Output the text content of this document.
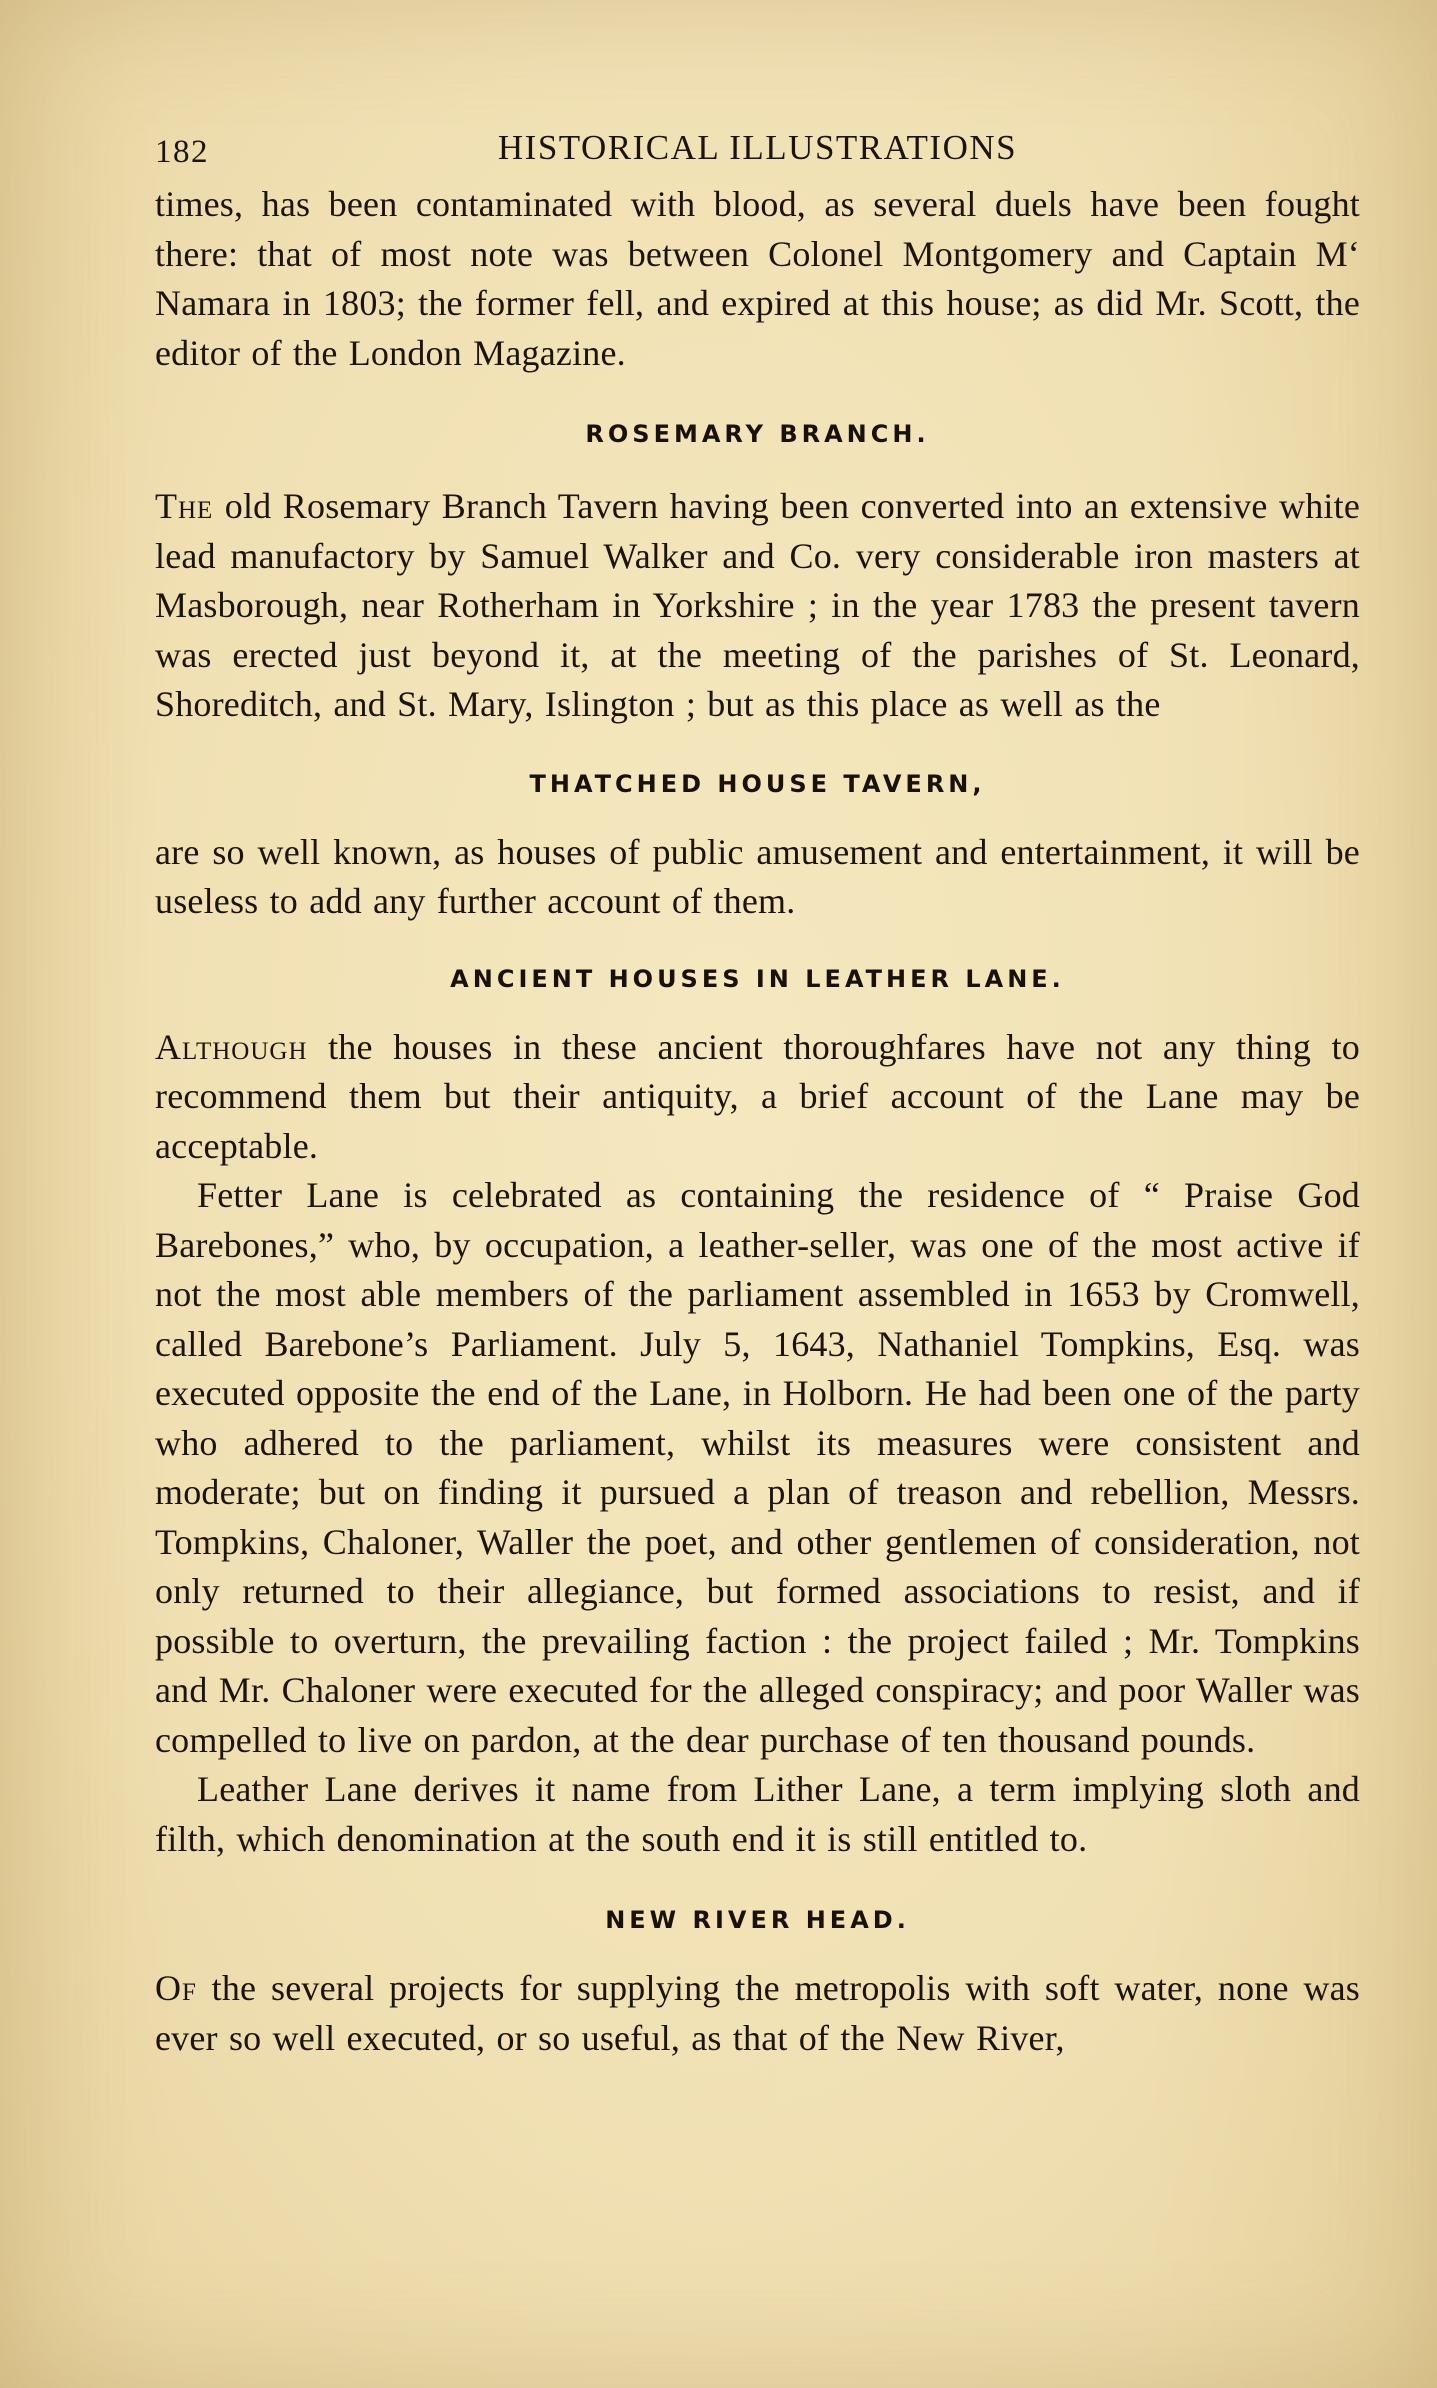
182	HISTORICAL ILLUSTRATIONS

times, has been contaminated with blood, as several duels have been fought there: that of most note was between Colonel Montgomery and Captain M‘ Namara in 1803; the former fell, and expired at this house; as did Mr. Scott, the editor of the London Magazine.

ROSEMARY BRANCH.

The old Rosemary Branch Tavern having been converted into an extensive white lead manufactory by Samuel Walker and Co. very considerable iron masters at Masborough, near Rotherham in Yorkshire ; in the year 1783 the present tavern was erected just beyond it, at the meeting of the parishes of St. Leonard, Shoreditch, and St. Mary, Islington ; but as this place as well as the

THATCHED HOUSE TAVERN,

are so well known, as houses of public amusement and entertainment, it will be useless to add any further account of them.

ANCIENT HOUSES IN LEATHER LANE.

Although the houses in these ancient thoroughfares have not any thing to recommend them but their antiquity, a brief account of the Lane may be acceptable.

Fetter Lane is celebrated as containing the residence of “ Praise God Barebones,” who, by occupation, a leather-seller, was one of the most active if not the most able members of the parliament assembled in 1653 by Cromwell, called Barebone’s Parliament. July 5, 1643, Nathaniel Tompkins, Esq. was executed opposite the end of the Lane, in Holborn. He had been one of the party who adhered to the parliament, whilst its measures were consistent and moderate; but on finding it pursued a plan of treason and rebellion, Messrs. Tompkins, Chaloner, Waller the poet, and other gentlemen of consideration, not only returned to their allegiance, but formed associations to resist, and if possible to overturn, the prevailing faction : the project failed ; Mr. Tompkins and Mr. Chaloner were executed for the alleged conspiracy; and poor Waller was compelled to live on pardon, at the dear purchase of ten thousand pounds.

Leather Lane derives it name from Lither Lane, a term implying sloth and filth, which denomination at the south end it is still entitled to.

NEW RIVER HEAD.

Of the several projects for supplying the metropolis with soft water, none was ever so well executed, or so useful, as that of the New River,
